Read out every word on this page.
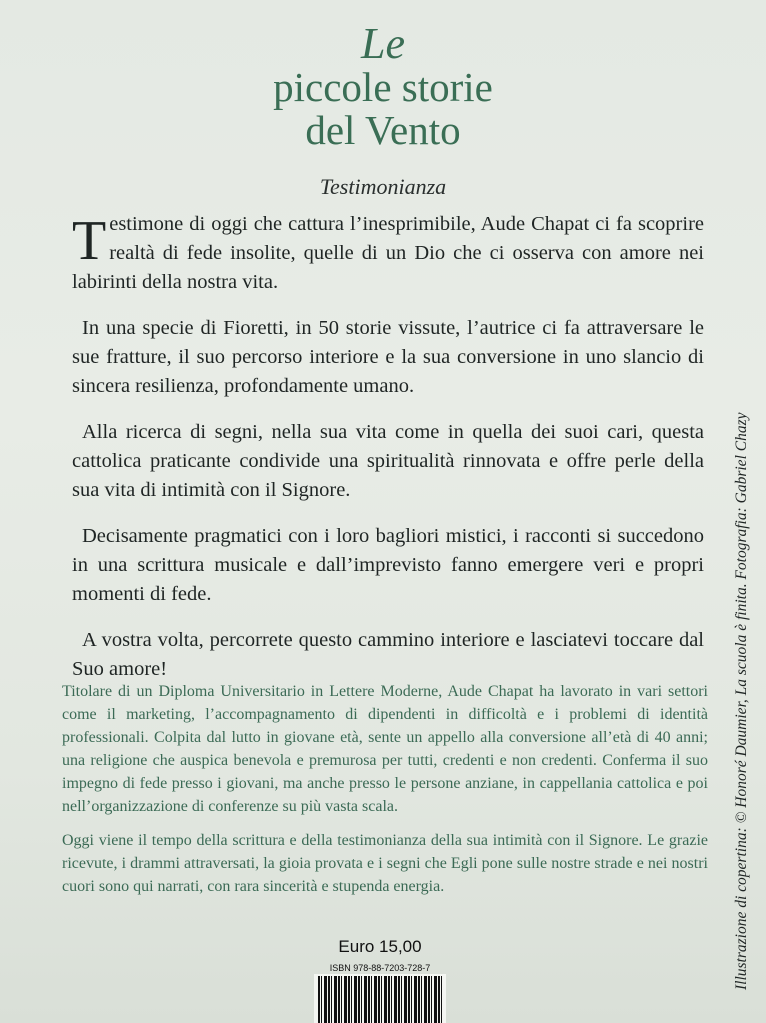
Le
piccole storie
del Vento
Testimonianza

Testimone di oggi che cattura l’inesprimibile, Aude Chapat ci fa scoprire realtà di fede insolite, quelle di un Dio che ci osserva con amore nei labirinti della nostra vita.

In una specie di Fioretti, in 50 storie vissute, l’autrice ci fa attraversare le sue fratture, il suo percorso interiore e la sua conversione in uno slancio di sincera resilienza, profondamente umano.

Alla ricerca di segni, nella sua vita come in quella dei suoi cari, questa cattolica praticante condivide una spiritualità rinnovata e offre perle della sua vita di intimità con il Signore.

Decisamente pragmatici con i loro bagliori mistici, i racconti si succedono in una scrittura musicale e dall’imprevisto fanno emergere veri e propri momenti di fede.

A vostra volta, percorrete questo cammino interiore e lasciatevi toccare dal Suo amore!

Titolare di un Diploma Universitario in Lettere Moderne, Aude Chapat ha lavorato in vari settori come il marketing, l’accompagnamento di dipendenti in difficoltà e i problemi di identità professionali. Colpita dal lutto in giovane età, sente un appello alla conversione all’età di 40 anni; una religione che auspica benevola e premurosa per tutti, credenti e non credenti. Conferma il suo impegno di fede presso i giovani, ma anche presso le persone anziane, in cappellania cattolica e poi nell’organizzazione di conferenze su più vasta scala.

Oggi viene il tempo della scrittura e della testimonianza della sua intimità con il Signore. Le grazie ricevute, i drammi attraversati, la gioia provata e i segni che Egli pone sulle nostre strade e nei nostri cuori sono qui narrati, con rara sincerità e stupenda energia.

Euro 15,00
ISBN 978-88-7203-728-7	Illustrazione di copertina: © Honoré Daumier, La scuola è finita. Fotografia: Gabriel Chazy
